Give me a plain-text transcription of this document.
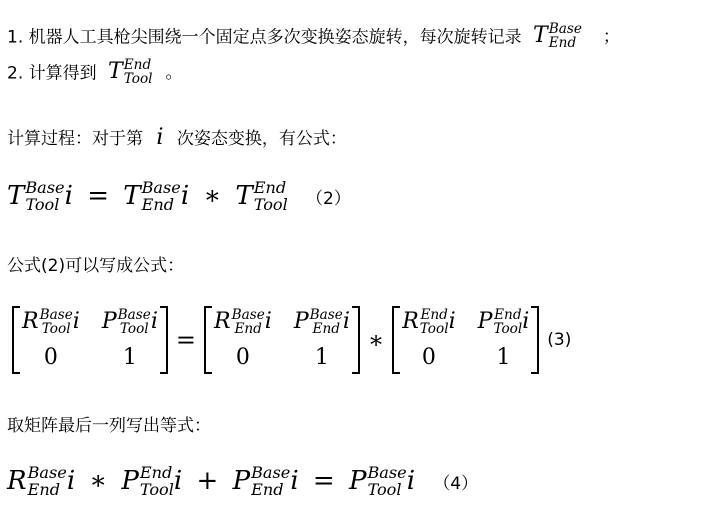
1. 机器人工具枪尖围绕一个固定点多次变换姿态旋转，每次旋转记录 T Base
End	；
2. 计算得到 T End
Tool 。
计算过程：对于第 i 次姿态变换，有公式：
T Base
Tool i = T Base
End i ∗ T End
Tool （2）
公式(2)可以写成公式：
R Base
Tool i P Base
Tool i
0	1
=
R Base
End i P Base
End i
0	1
∗
R End
Tool i P End
Tool i
0	1
(3)
取矩阵最后一列写出等式：
R Base
End i ∗ P End
Tool i + P Base
End i = P Base
Tool i （4）
